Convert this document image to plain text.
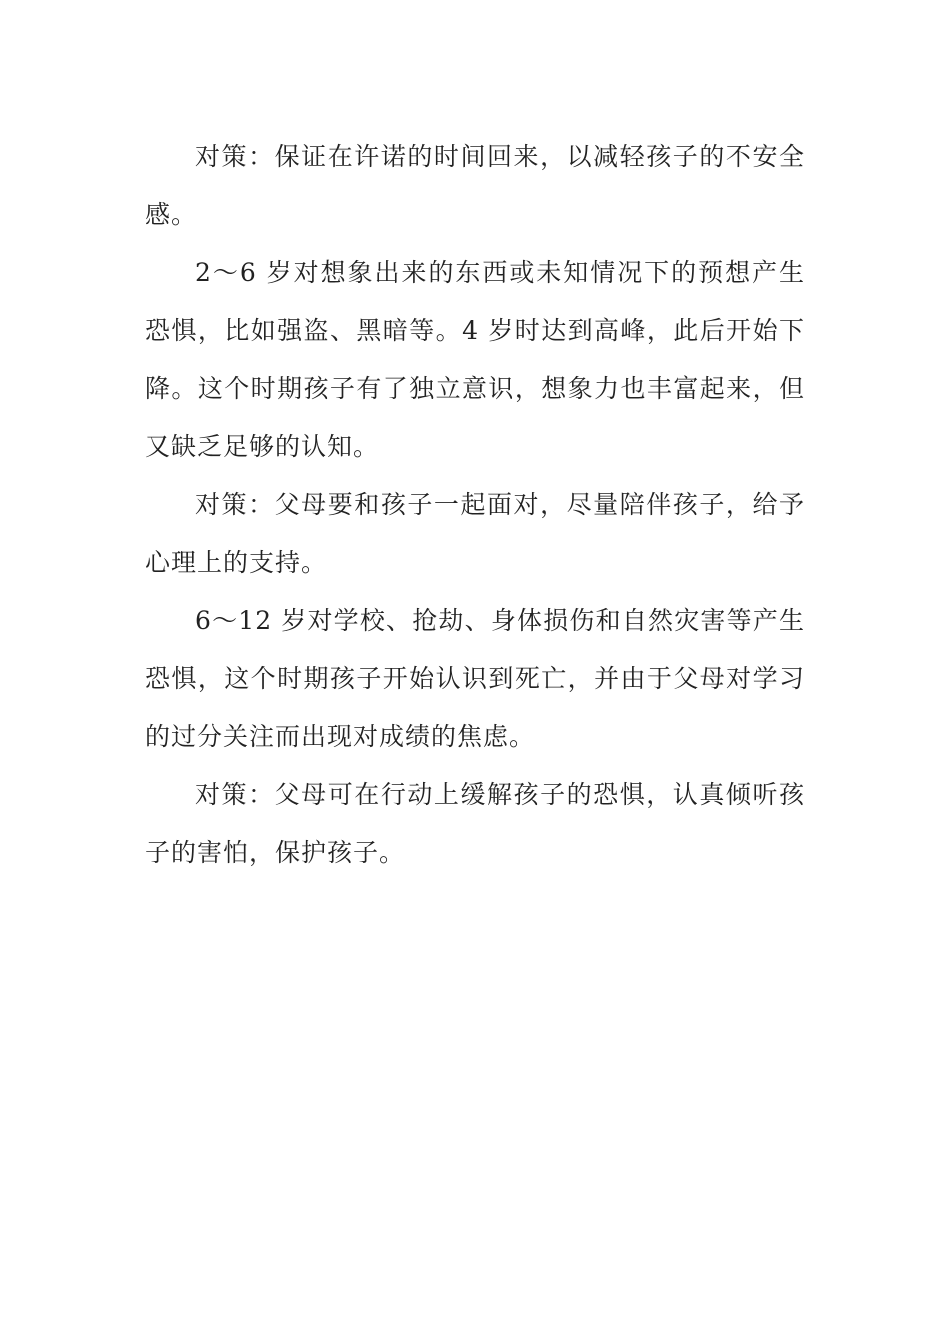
对策：保证在许诺的时间回来，以减轻孩子的不安全感。

2～6 岁对想象出来的东西或未知情况下的预想产生恐惧，比如强盗、黑暗等。4 岁时达到高峰，此后开始下降。这个时期孩子有了独立意识，想象力也丰富起来，但又缺乏足够的认知。

对策：父母要和孩子一起面对，尽量陪伴孩子，给予心理上的支持。

6～12 岁对学校、抢劫、身体损伤和自然灾害等产生恐惧，这个时期孩子开始认识到死亡，并由于父母对学习的过分关注而出现对成绩的焦虑。

对策：父母可在行动上缓解孩子的恐惧，认真倾听孩子的害怕，保护孩子。
